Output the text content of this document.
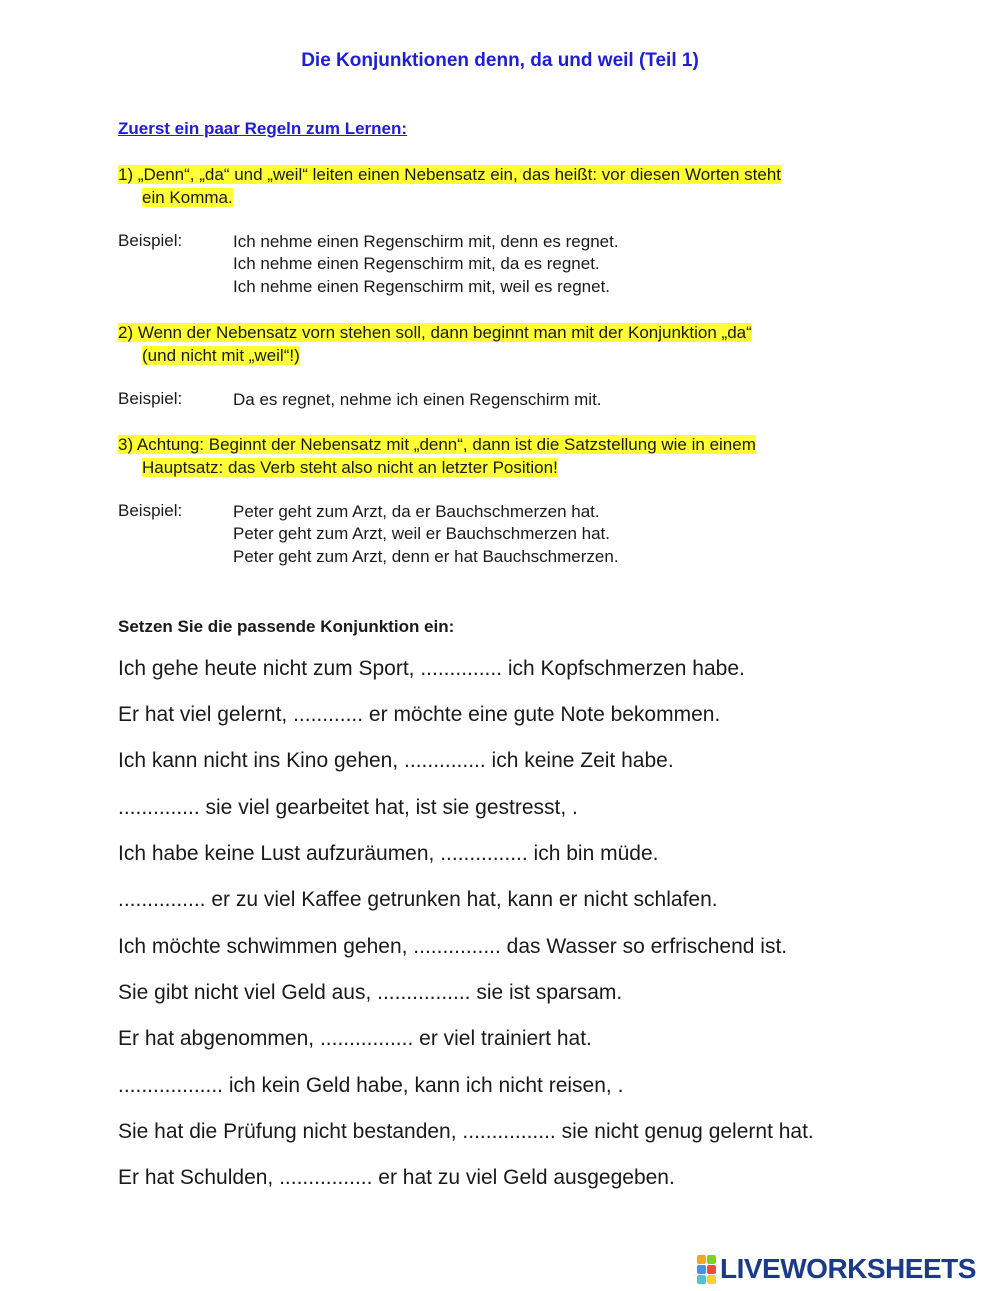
Die Konjunktionen denn, da und weil (Teil 1)
Zuerst ein paar Regeln zum Lernen:
1) „Denn“, „da“ und „weil“ leiten einen Nebensatz ein, das heißt: vor diesen Worten steht
ein Komma.
Beispiel:	Ich nehme einen Regenschirm mit, denn es regnet.
Ich nehme einen Regenschirm mit, da es regnet.
Ich nehme einen Regenschirm mit, weil es regnet.
2) Wenn der Nebensatz vorn stehen soll, dann beginnt man mit der Konjunktion „da“
(und nicht mit „weil“!)
Beispiel:	Da es regnet, nehme ich einen Regenschirm mit.
3) Achtung: Beginnt der Nebensatz mit „denn“, dann ist die Satzstellung wie in einem
Hauptsatz: das Verb steht also nicht an letzter Position!
Beispiel:	Peter geht zum Arzt, da er Bauchschmerzen hat.
Peter geht zum Arzt, weil er Bauchschmerzen hat.
Peter geht zum Arzt, denn er hat Bauchschmerzen.
Setzen Sie die passende Konjunktion ein:
Ich gehe heute nicht zum Sport, .............. ich Kopfschmerzen habe.
Er hat viel gelernt, ............ er möchte eine gute Note bekommen.
Ich kann nicht ins Kino gehen, .............. ich keine Zeit habe.
.............. sie viel gearbeitet hat, ist sie gestresst, .
Ich habe keine Lust aufzuräumen, ............... ich bin müde.
............... er zu viel Kaffee getrunken hat, kann er nicht schlafen.
Ich möchte schwimmen gehen, ............... das Wasser so erfrischend ist.
Sie gibt nicht viel Geld aus, ................ sie ist sparsam.
Er hat abgenommen, ................ er viel trainiert hat.
.................. ich kein Geld habe, kann ich nicht reisen, .
Sie hat die Prüfung nicht bestanden, ................ sie nicht genug gelernt hat.
Er hat Schulden, ................ er hat zu viel Geld ausgegeben.
LIVEWORKSHEETS
